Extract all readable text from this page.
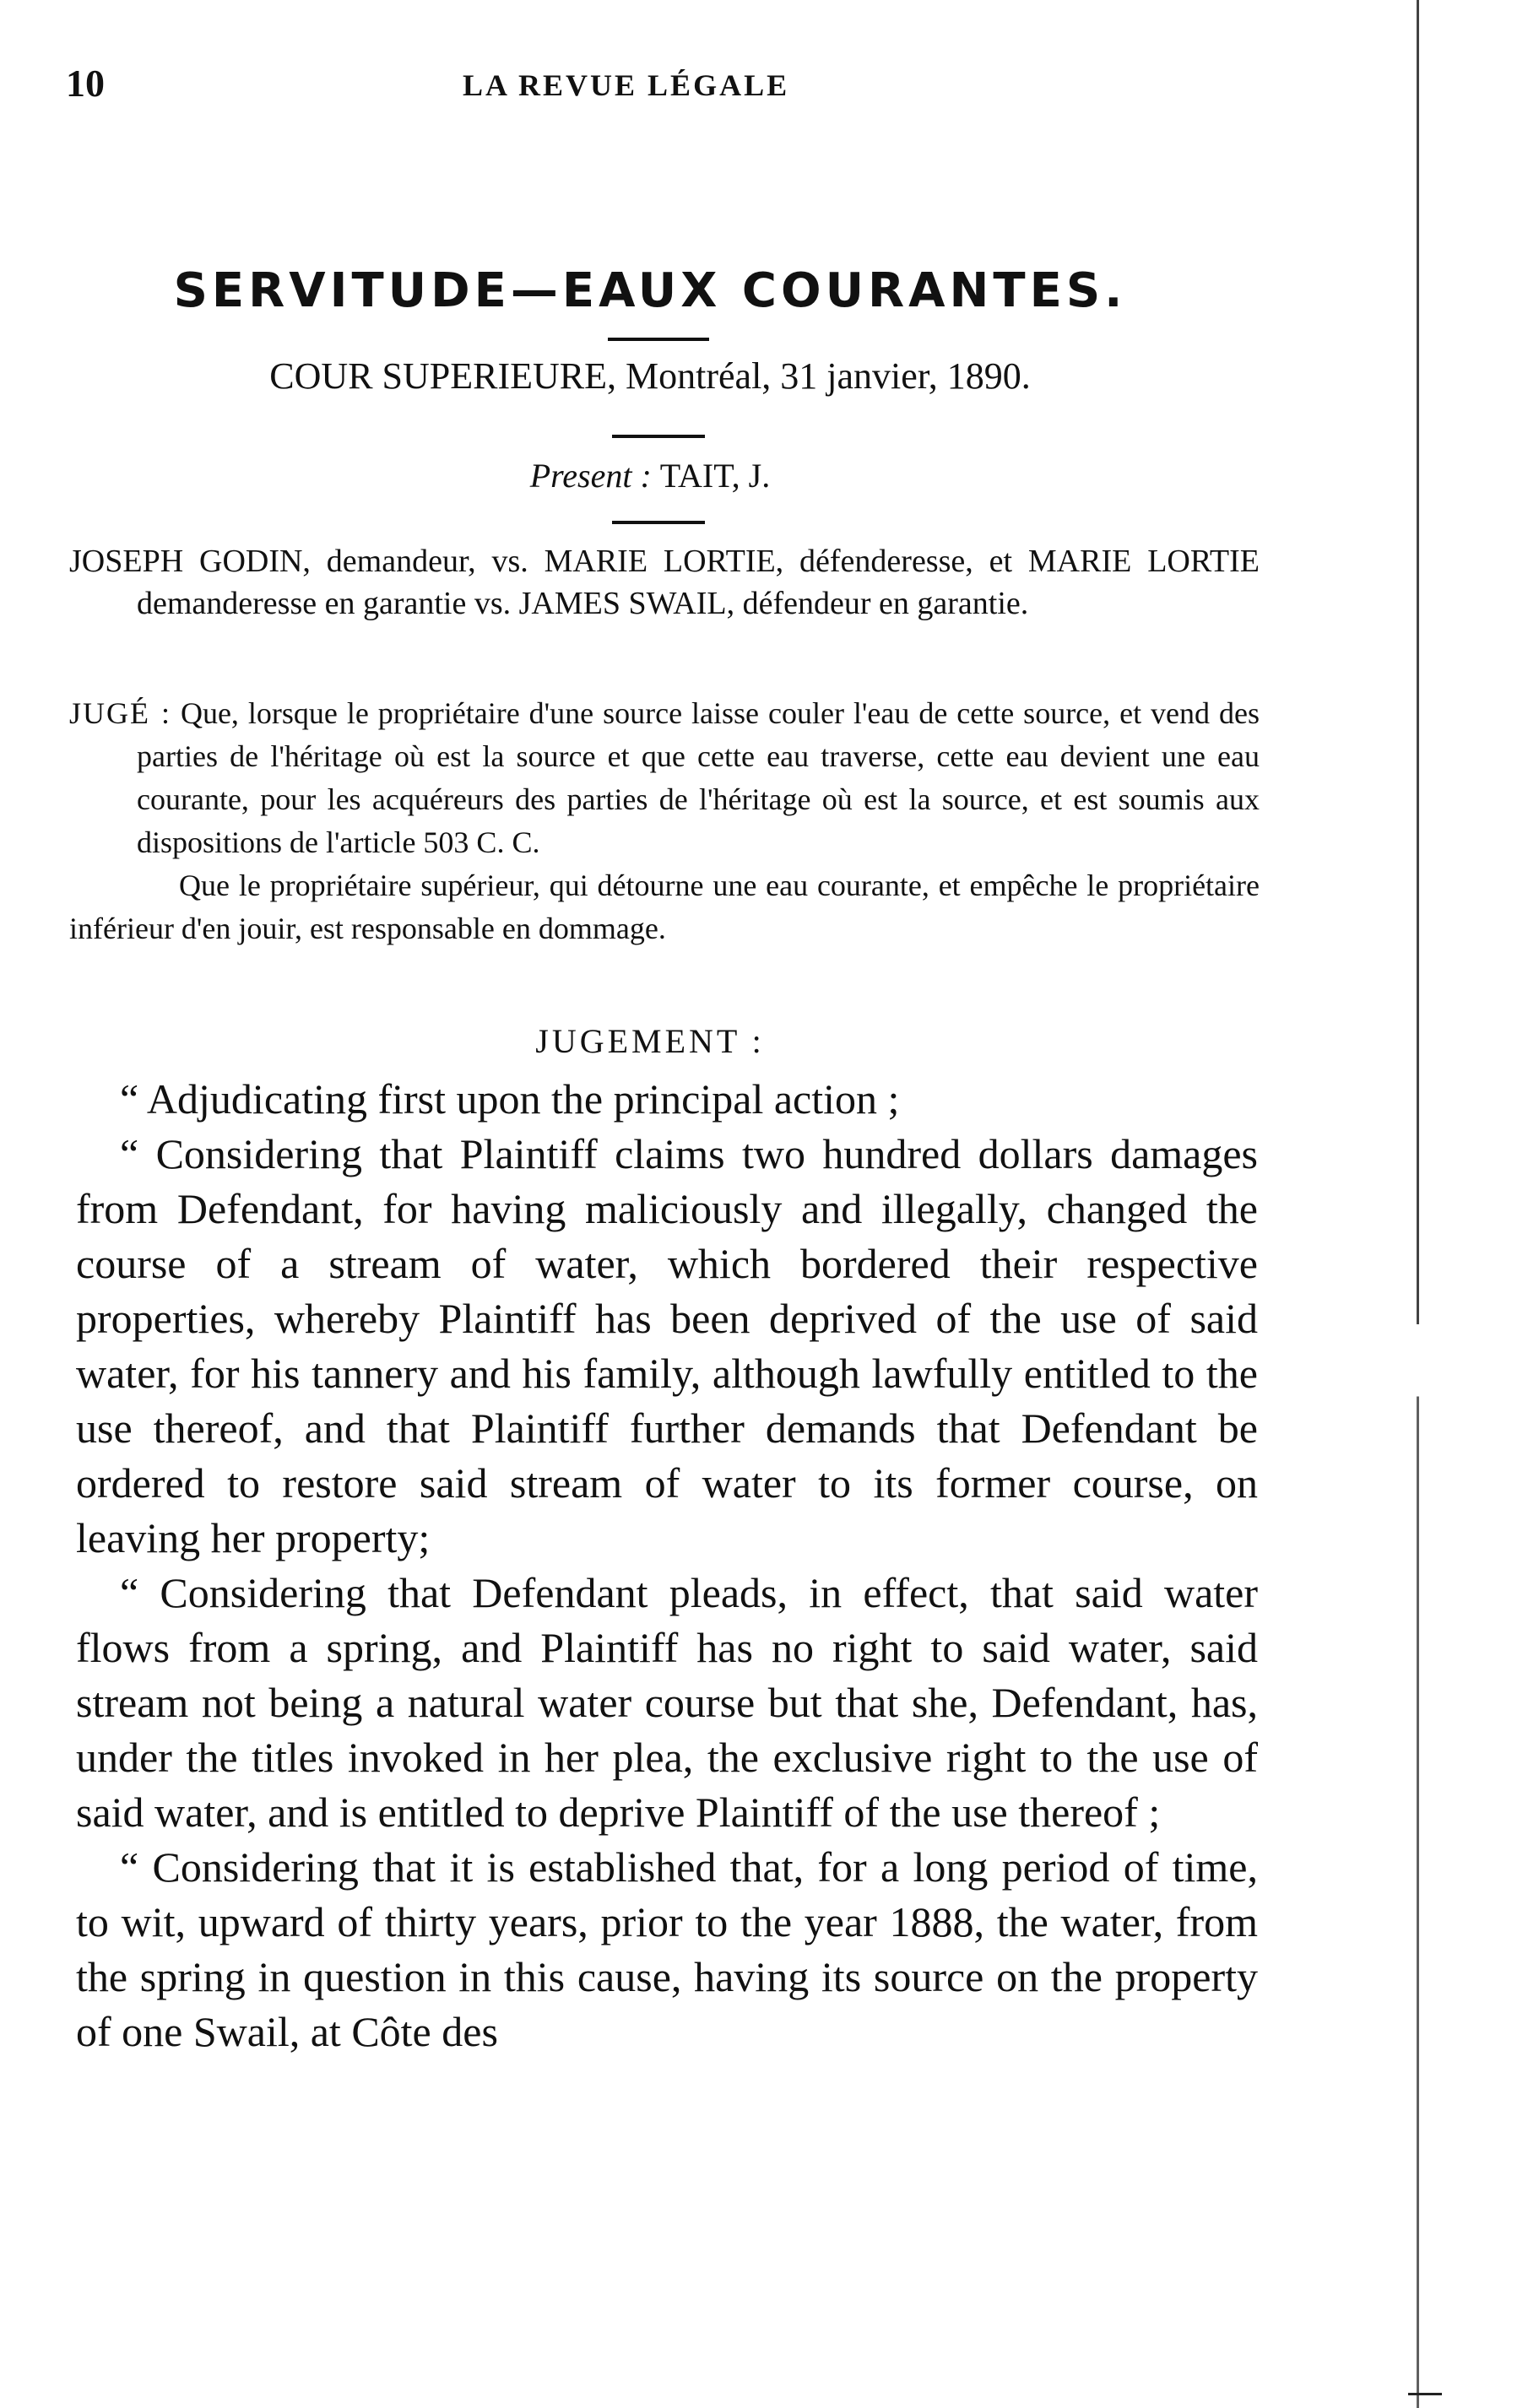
10	LA REVUE LÉGALE
SERVITUDE—EAUX COURANTES.
COUR SUPERIEURE, Montréal, 31 janvier, 1890.
Present : TAIT, J.
JOSEPH GODIN, demandeur, vs. MARIE LORTIE, défenderesse, et MARIE LORTIE demanderesse en garantie vs. JAMES SWAIL, défendeur en garantie.

JUGÉ : Que, lorsque le propriétaire d'une source laisse couler l'eau de cette source, et vend des parties de l'héritage où est la source et que cette eau traverse, cette eau devient une eau courante, pour les acquéreurs des parties de l'héritage où est la source, et est soumis aux dispositions de l'article 503 C. C.

Que le propriétaire supérieur, qui détourne une eau courante, et empêche le propriétaire inférieur d'en jouir, est responsable en dommage.

JUGEMENT :

“ Adjudicating first upon the principal action ;

“ Considering that Plaintiff claims two hundred dollars damages from Defendant, for having maliciously and illegally, changed the course of a stream of water, which bordered their respective properties, whereby Plaintiff has been deprived of the use of said water, for his tannery and his family, although lawfully entitled to the use thereof, and that Plaintiff further demands that Defendant be ordered to restore said stream of water to its former course, on leaving her property;

“ Considering that Defendant pleads, in effect, that said water flows from a spring, and Plaintiff has no right to said water, said stream not being a natural water course but that she, Defendant, has, under the titles invoked in her plea, the exclusive right to the use of said water, and is entitled to deprive Plaintiff of the use thereof ;

“ Considering that it is established that, for a long period of time, to wit, upward of thirty years, prior to the year 1888, the water, from the spring in question in this cause, having its source on the property of one Swail, at Côte des
